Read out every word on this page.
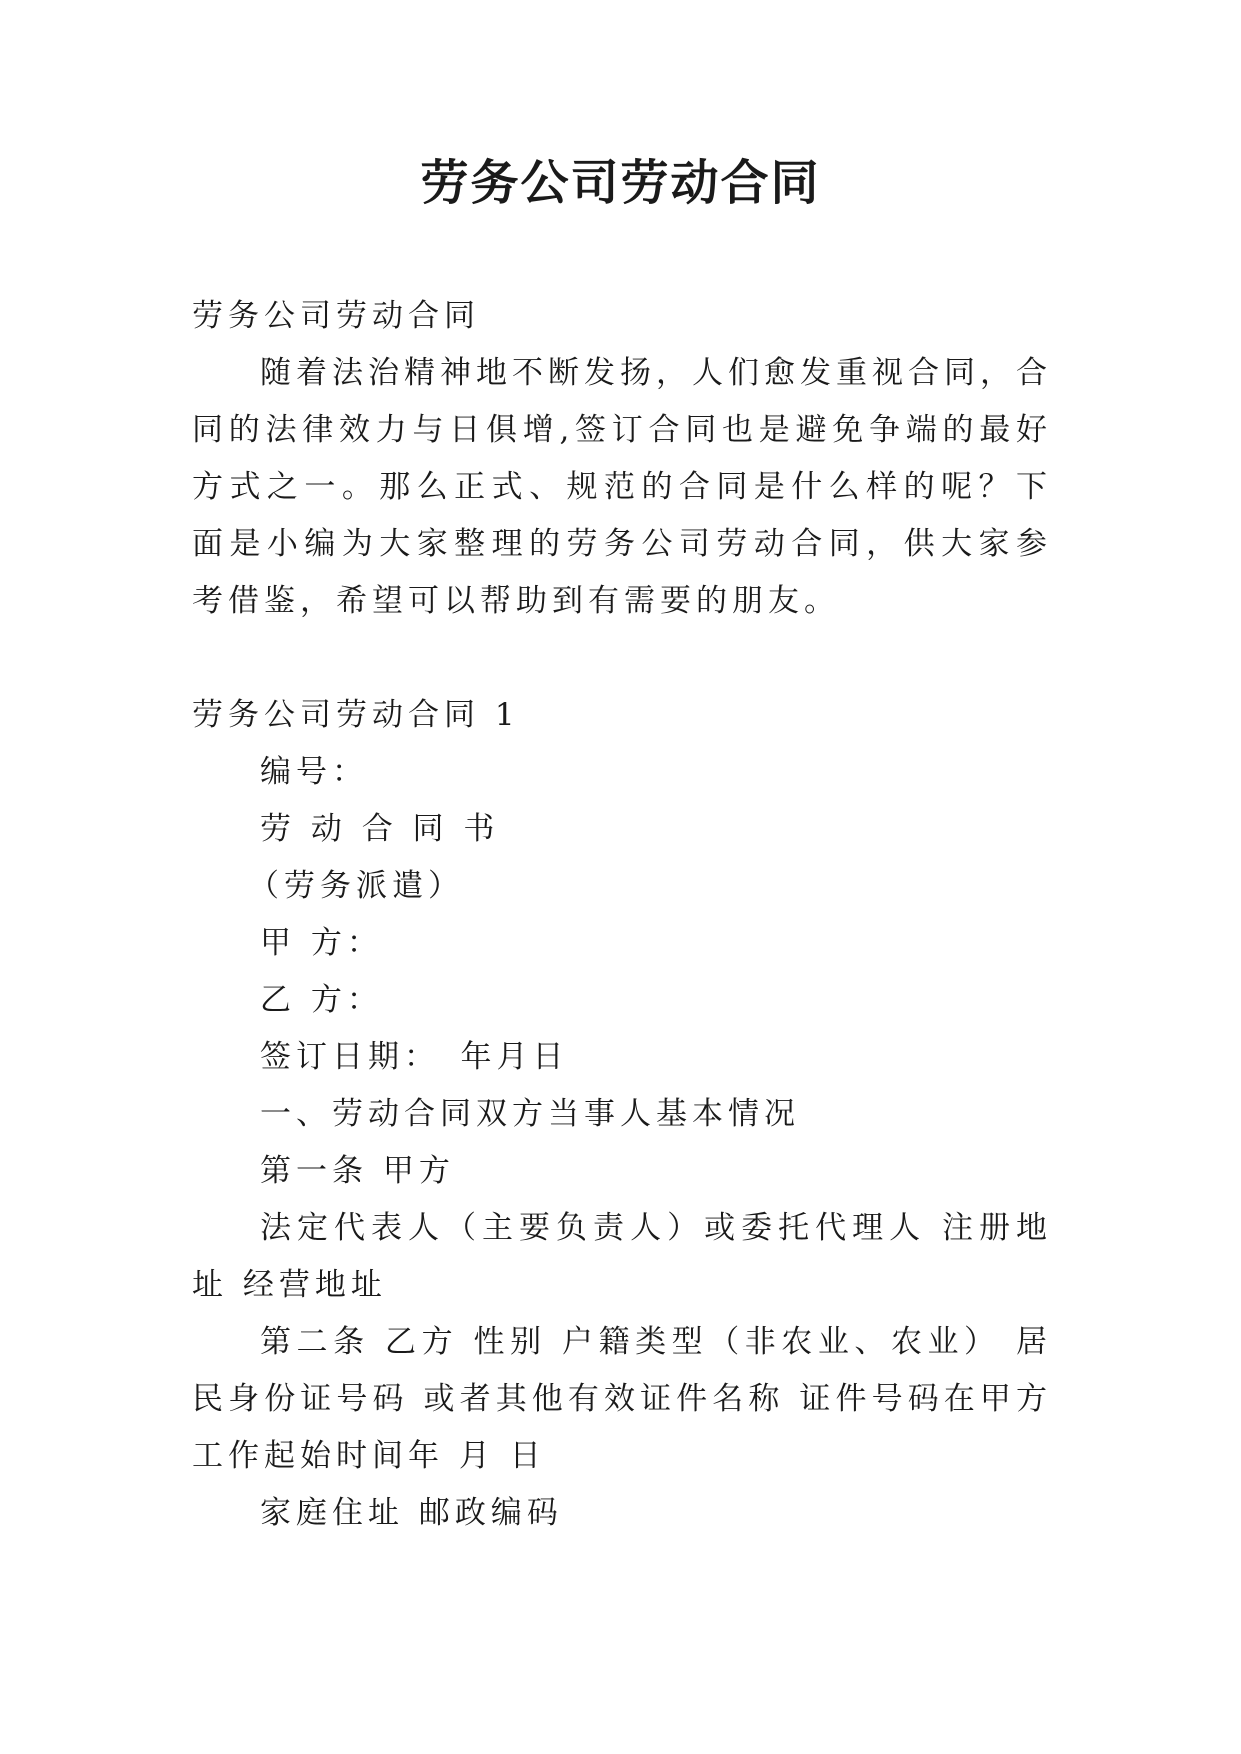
劳务公司劳动合同

劳务公司劳动合同

随着法治精神地不断发扬，人们愈发重视合同，合同的法律效力与日俱增,签订合同也是避免争端的最好方式之一。那么正式、规范的合同是什么样的呢？下面是小编为大家整理的劳务公司劳动合同，供大家参考借鉴，希望可以帮助到有需要的朋友。

劳务公司劳动合同 1

编号：

劳 动 合 同 书

（劳务派遣）

甲 方：

乙 方：

签订日期：　年月日

一、劳动合同双方当事人基本情况

第一条 甲方

法定代表人（主要负责人）或委托代理人 注册地址 经营地址

第二条 乙方 性别 户籍类型（非农业、农业） 居民身份证号码 或者其他有效证件名称 证件号码在甲方工作起始时间年 月 日

家庭住址 邮政编码
